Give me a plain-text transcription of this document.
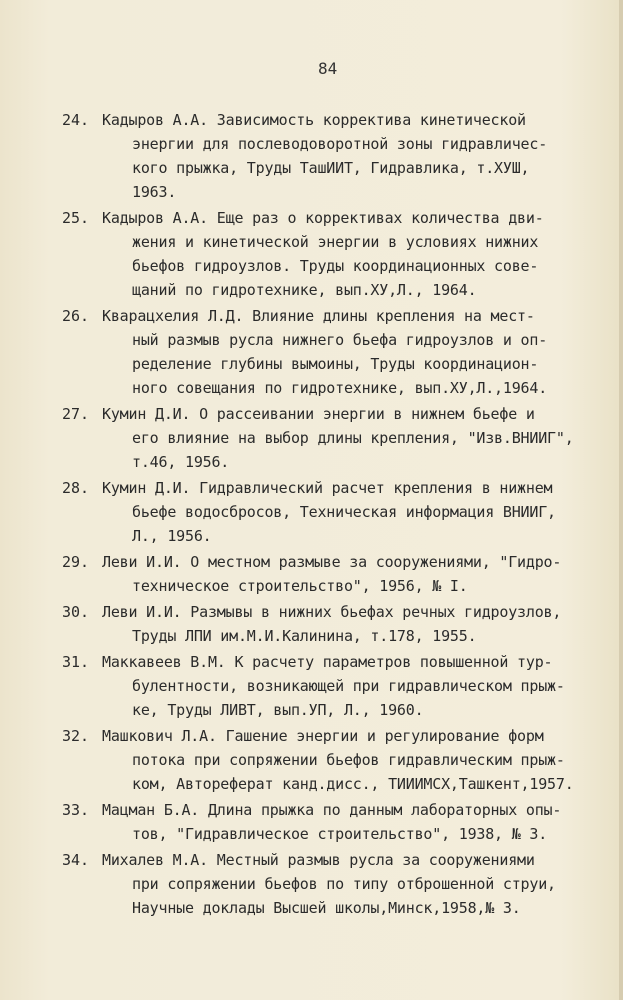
84
24. Кадыров А.А. Зависимость корректива кинетической
энергии для послеводоворотной зоны гидравличес-
кого прыжка, Труды ТашИИТ, Гидравлика, т.ХУШ,
1963.
25. Кадыров А.А. Еще раз о коррективах количества дви-
жения и кинетической энергии в условиях нижних
бьефов гидроузлов. Труды координационных сове-
щаний по гидротехнике, вып.ХУ,Л., 1964.
26. Кварацхелия Л.Д. Влияние длины крепления на мест-
ный размыв русла нижнего бьефа гидроузлов и оп-
ределение глубины вымоины, Труды координацион-
ного совещания по гидротехнике, вып.ХУ,Л.,1964.
27. Кумин Д.И. О рассеивании энергии в нижнем бьефе и
его влияние на выбор длины крепления, "Изв.ВНИИГ",
т.46, 1956.
28. Кумин Д.И. Гидравлический расчет крепления в нижнем
бьефе водосбросов, Техническая информация ВНИИГ,
Л., 1956.
29. Леви И.И. О местном размыве за сооружениями, "Гидро-
техническое строительство", 1956, № I.
30. Леви И.И. Размывы в нижних бьефах речных гидроузлов,
Труды ЛПИ им.М.И.Калинина, т.178, 1955.
31. Маккавеев В.М. К расчету параметров повышенной тур-
булентности, возникающей при гидравлическом прыж-
ке, Труды ЛИВТ, вып.УП, Л., 1960.
32. Машкович Л.А. Гашение энергии и регулирование форм
потока при сопряжении бьефов гидравлическим прыж-
ком, Автореферат канд.дисс., ТИИИМСХ,Ташкент,1957.
33. Мацман Б.А. Длина прыжка по данным лабораторных опы-
тов, "Гидравлическое строительство", 1938, № 3.
34. Михалев М.А. Местный размыв русла за сооружениями
при сопряжении бьефов по типу отброшенной струи,
Научные доклады Высшей школы,Минск,1958,№ 3.
